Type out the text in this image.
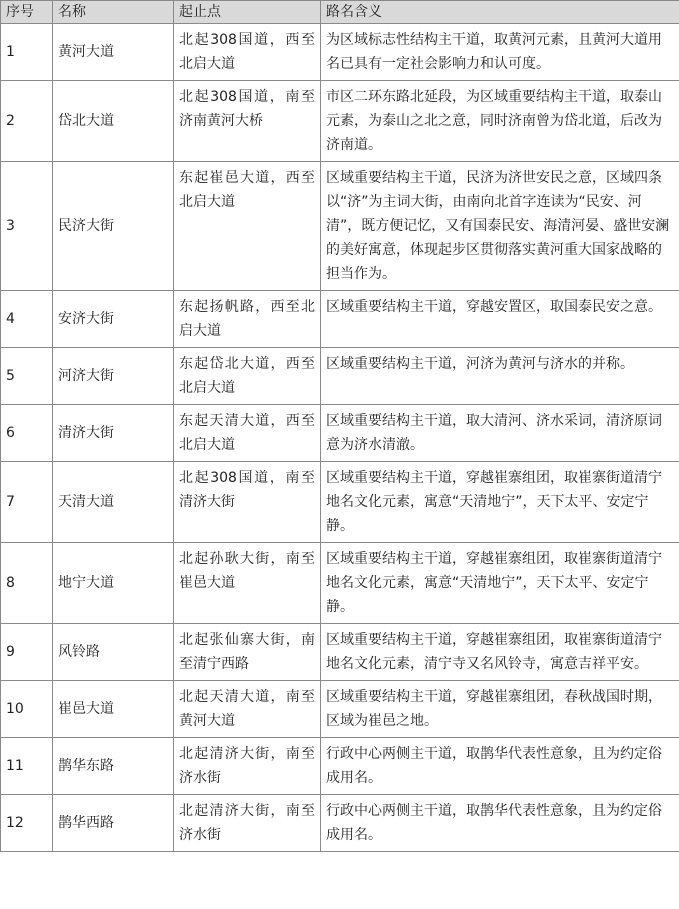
序号	名称	起止点	路名含义
1	黄河大道	北起308国道，西至北启大道	为区域标志性结构主干道，取黄河元素，且黄河大道用名已具有一定社会影响力和认可度。
2	岱北大道	北起308国道，南至济南黄河大桥	市区二环东路北延段，为区域重要结构主干道，取泰山元素，为泰山之北之意，同时济南曾为岱北道，后改为济南道。
3	民济大街	东起崔邑大道，西至北启大道	区域重要结构主干道，民济为济世安民之意，区域四条以“济”为主词大街，由南向北首字连读为“民安、河清”，既方便记忆，又有国泰民安、海清河晏、盛世安澜的美好寓意，体现起步区贯彻落实黄河重大国家战略的担当作为。
4	安济大街	东起扬帆路，西至北启大道	区域重要结构主干道，穿越安置区，取国泰民安之意。
5	河济大街	东起岱北大道，西至北启大道	区域重要结构主干道，河济为黄河与济水的并称。
6	清济大街	东起天清大道，西至北启大道	区域重要结构主干道，取大清河、济水采词，清济原词意为济水清澈。
7	天清大道	北起308国道，南至清济大街	区域重要结构主干道，穿越崔寨组团，取崔寨街道清宁地名文化元素，寓意“天清地宁”，天下太平、安定宁静。
8	地宁大道	北起孙耿大街，南至崔邑大道	区域重要结构主干道，穿越崔寨组团，取崔寨街道清宁地名文化元素，寓意“天清地宁”，天下太平、安定宁静。
9	风铃路	北起张仙寨大街，南至清宁西路	区域重要结构主干道，穿越崔寨组团，取崔寨街道清宁地名文化元素，清宁寺又名风铃寺，寓意吉祥平安。
10	崔邑大道	北起天清大道，南至黄河大道	区域重要结构主干道，穿越崔寨组团，春秋战国时期，区域为崔邑之地。
11	鹊华东路	北起清济大街，南至济水街	行政中心两侧主干道，取鹊华代表性意象，且为约定俗成用名。
12	鹊华西路	北起清济大街，南至济水街	行政中心两侧主干道，取鹊华代表性意象，且为约定俗成用名。
